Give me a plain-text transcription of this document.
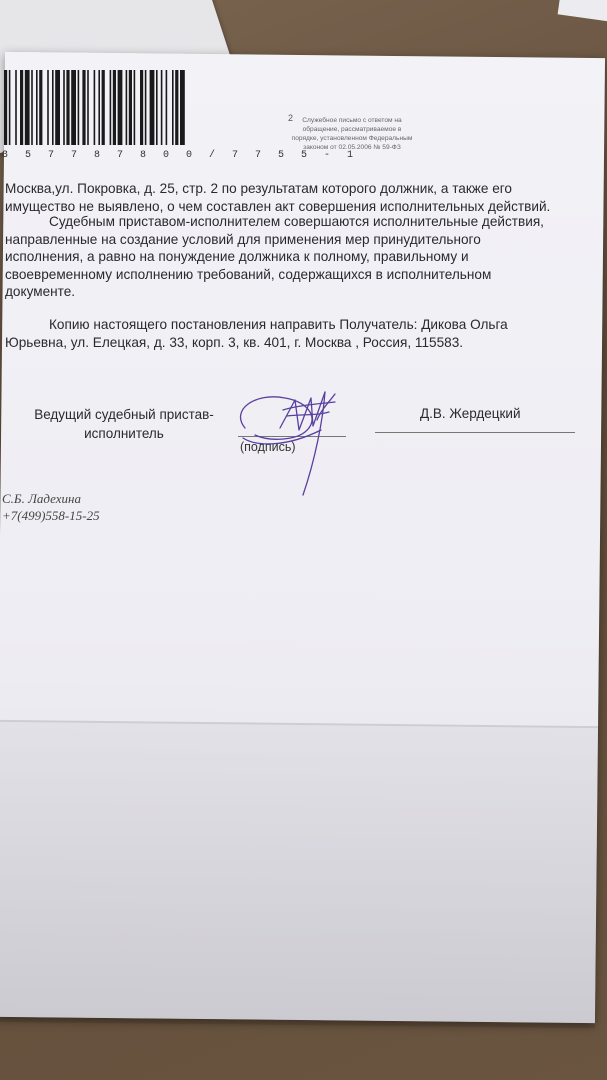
3 5 7 7 8 7 8 0 0 / 7 7 5 5 - 1
2	Служебное письмо с ответом на
обращение, рассматриваемое в
порядке, установленном Федеральным
законом от 02.05.2006 № 59-ФЗ
Москва,ул. Покровка, д. 25, стр. 2 по результатам которого должник, а также его
имущество не выявлено, о чем составлен акт совершения исполнительных действий.
Судебным приставом-исполнителем совершаются исполнительные действия,
направленные на создание условий для применения мер принудительного
исполнения, а равно на понуждение должника к полному, правильному и
своевременному исполнению требований, содержащихся в исполнительном
документе.
Копию настоящего постановления направить Получатель: Дикова Ольга
Юрьевна, ул. Елецкая, д. 33, корп. 3, кв. 401, г. Москва , Россия, 115583.
Ведущий судебный пристав-
исполнитель
(подпись)
Д.В. Жердецкий
С.Б. Ладехина
+7(499)558-15-25
